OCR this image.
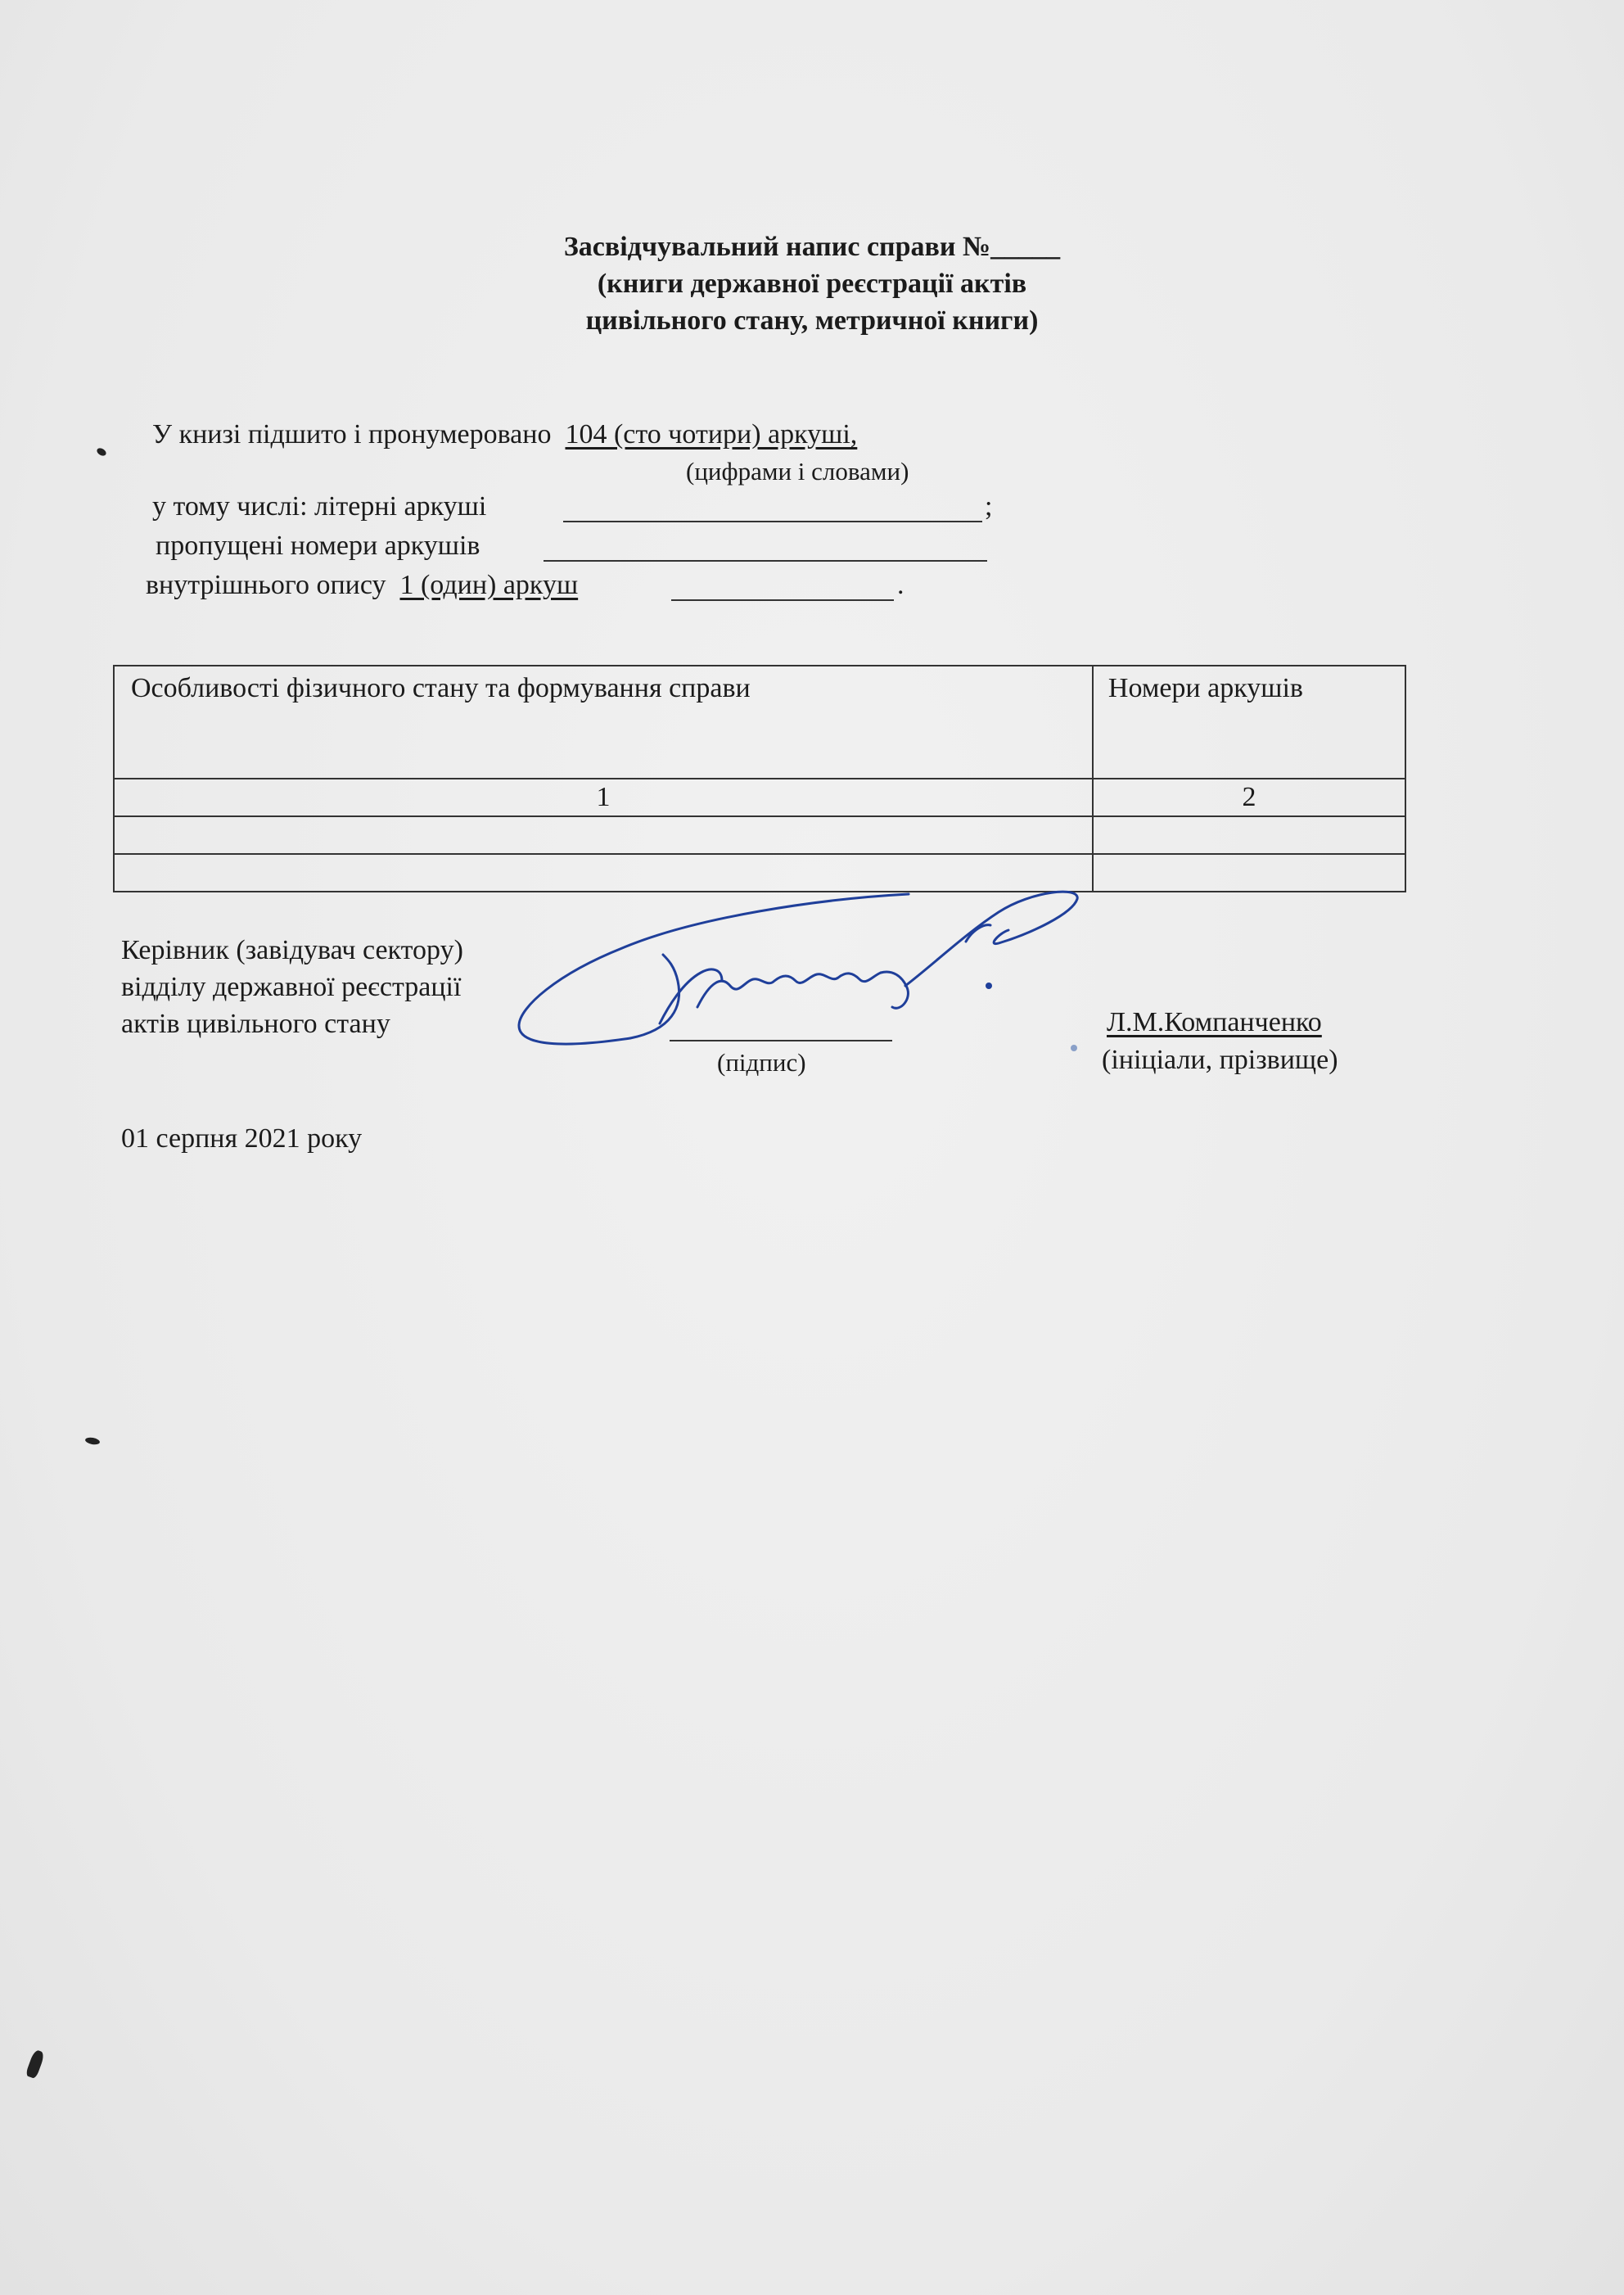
Засвідчувальний напис справи №_____
(книги державної реєстрації актів
цивільного стану, метричної книги)
У книзі підшито і пронумеровано 104 (сто чотири) аркуші,
(цифрами і словами)
у тому числі: літерні аркуші	;
пропущені номери аркушів
внутрішнього опису 1 (один) аркуш	.
Особливості фізичного стану та формування справи	Номери аркушів
1	2

Керівник (завідувач сектору)
відділу державної реєстрації
актів цивільного стану
(підпис)
Л.М.Компанченко
(ініціали, прізвище)
01 серпня 2021 року
